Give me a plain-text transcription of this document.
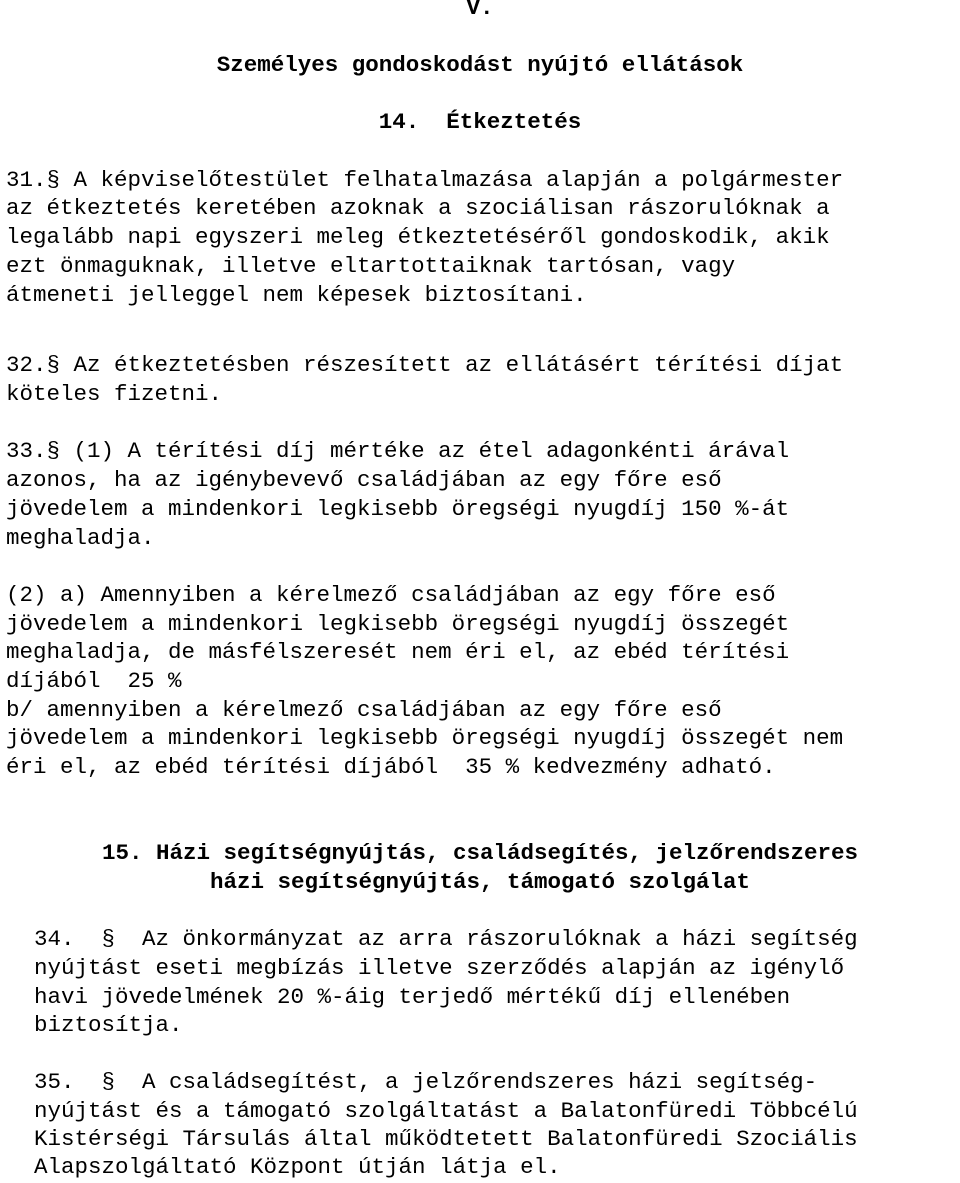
V.
Személyes gondoskodást nyújtó ellátások
14.  Étkeztetés
31.§ A képviselőtestület felhatalmazása alapján a polgármester
az étkeztetés keretében azoknak a szociálisan rászorulóknak a
legalább napi egyszeri meleg étkeztetéséről gondoskodik, akik
ezt önmaguknak, illetve eltartottaiknak tartósan, vagy
átmeneti jelleggel nem képesek biztosítani.
32.§ Az étkeztetésben részesített az ellátásért térítési díjat
köteles fizetni.
33.§ (1) A térítési díj mértéke az étel adagonkénti árával
azonos, ha az igénybevevő családjában az egy főre eső
jövedelem a mindenkori legkisebb öregségi nyugdíj 150 %-át
meghaladja.
(2) a) Amennyiben a kérelmező családjában az egy főre eső
jövedelem a mindenkori legkisebb öregségi nyugdíj összegét
meghaladja, de másfélszeresét nem éri el, az ebéd térítési
díjából  25 %
b/ amennyiben a kérelmező családjában az egy főre eső
jövedelem a mindenkori legkisebb öregségi nyugdíj összegét nem
éri el, az ebéd térítési díjából  35 % kedvezmény adható.
15. Házi segítségnyújtás, családsegítés, jelzőrendszeres
házi segítségnyújtás, támogató szolgálat
34.  §  Az önkormányzat az arra rászorulóknak a házi segítség
nyújtást eseti megbízás illetve szerződés alapján az igénylő
havi jövedelmének 20 %-áig terjedő mértékű díj ellenében
biztosítja.
35.  §  A családsegítést, a jelzőrendszeres házi segítség-
nyújtást és a támogató szolgáltatást a Balatonfüredi Többcélú
Kistérségi Társulás által működtetett Balatonfüredi Szociális
Alapszolgáltató Központ útján látja el.
